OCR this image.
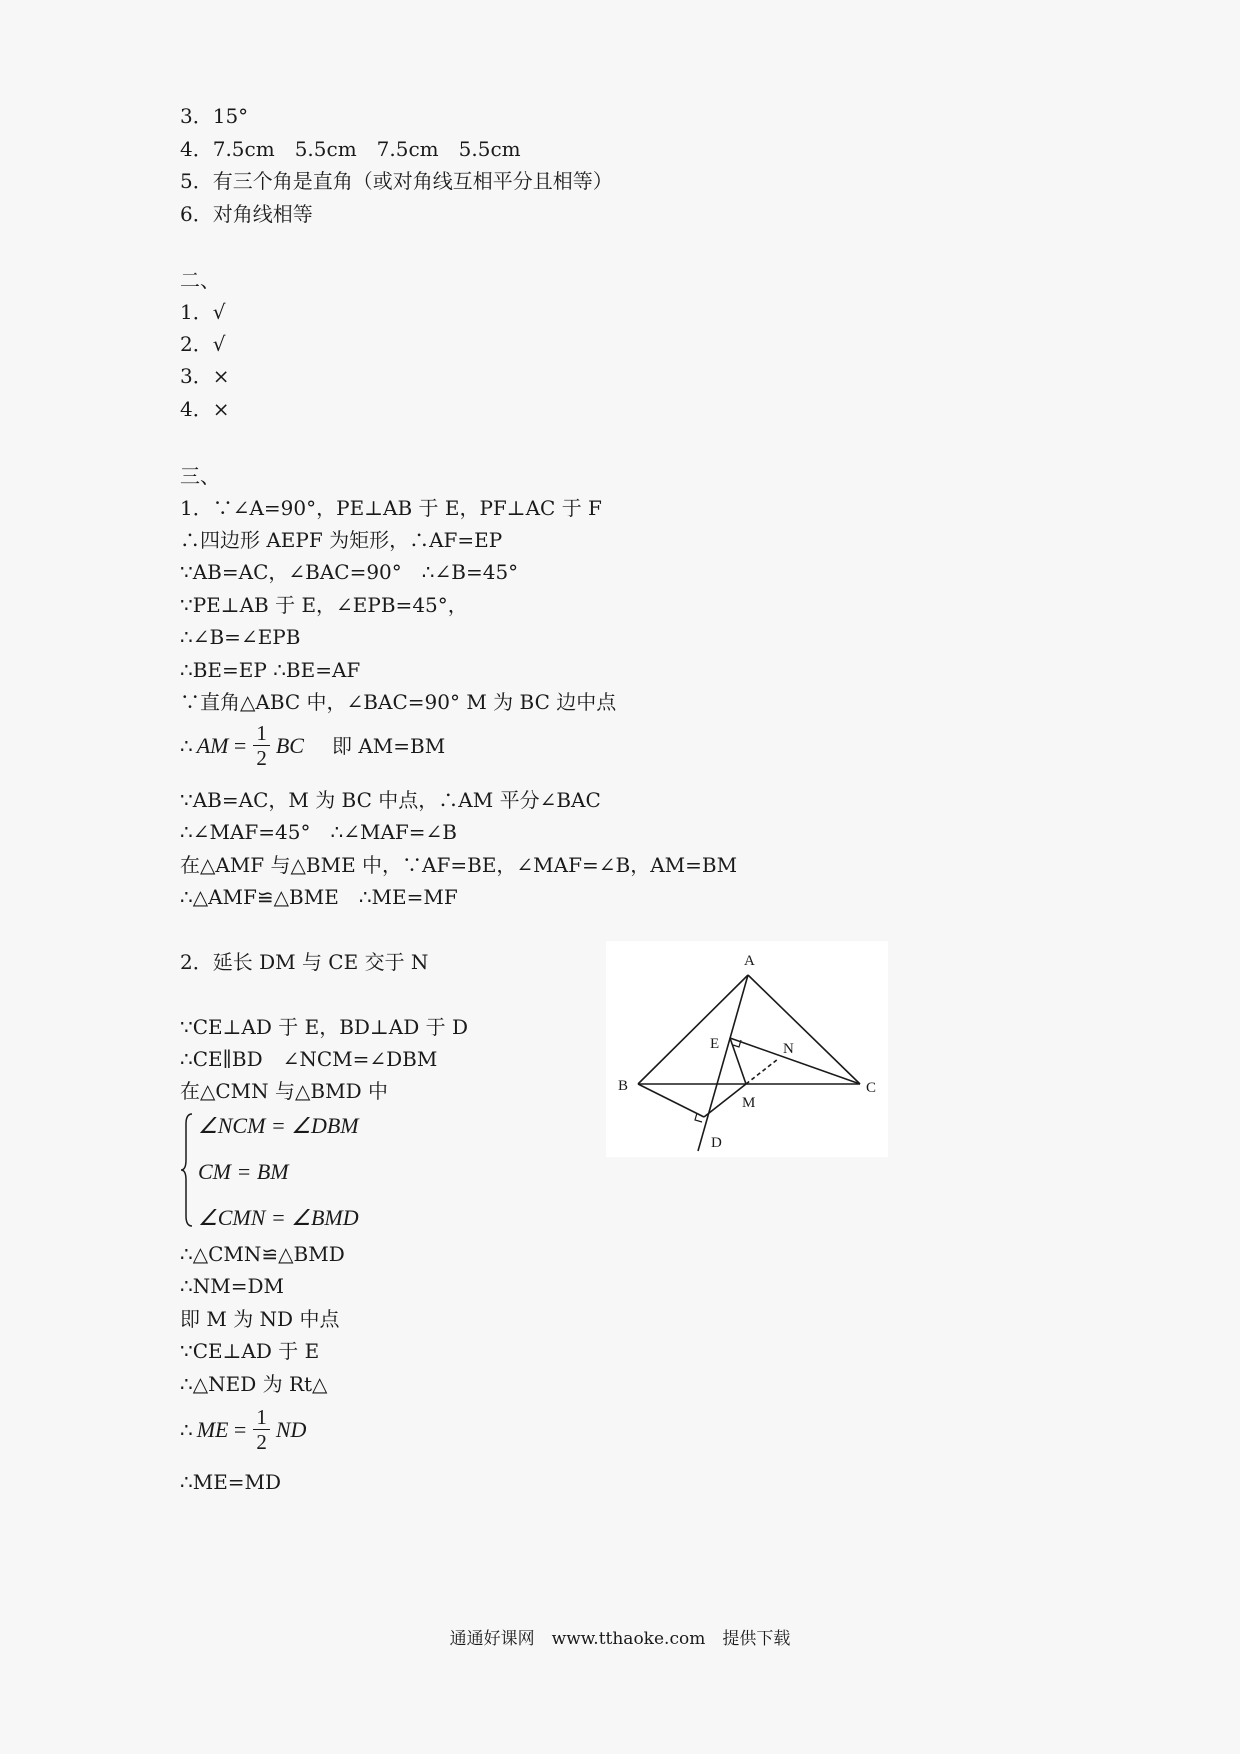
3．15°
4．7.5cm　5.5cm　7.5cm　5.5cm
5．有三个角是直角（或对角线互相平分且相等）
6．对角线相等
二、
1．√
2．√
3．×
4．×
三、
1．∵∠A=90°，PE⊥AB 于 E，PF⊥AC 于 F
∴四边形 AEPF 为矩形，∴AF=EP
∵AB=AC，∠BAC=90°　∴∠B=45°
∵PE⊥AB 于 E，∠EPB=45°，
∴∠B=∠EPB
∴BE=EP ∴BE=AF
∵直角△ABC 中，∠BAC=90° M 为 BC 边中点
∴ AM = $\frac{1}{2}$ BC 即 AM=BM
∵AB=AC，M 为 BC 中点，∴AM 平分∠BAC
∴∠MAF=45°　∴∠MAF=∠B
在△AMF 与△BME 中，∵AF=BE，∠MAF=∠B，AM=BM
∴△AMF≌△BME　∴ME=MF
2．延长 DM 与 CE 交于 N
∵CE⊥AD 于 E，BD⊥AD 于 D
∴CE∥BD　∠NCM=∠DBM
在△CMN 与△BMD 中
∠NCM = ∠DBM
CM = BM
∠CMN = ∠BMD
∴△CMN≌△BMD
∴NM=DM
即 M 为 ND 中点
∵CE⊥AD 于 E
∴△NED 为 Rt△
∴ ME = $\frac{1}{2}$ ND
∴ME=MD
A
B	C
D
E
M
N
通通好课网　www.tthaoke.com　提供下载
